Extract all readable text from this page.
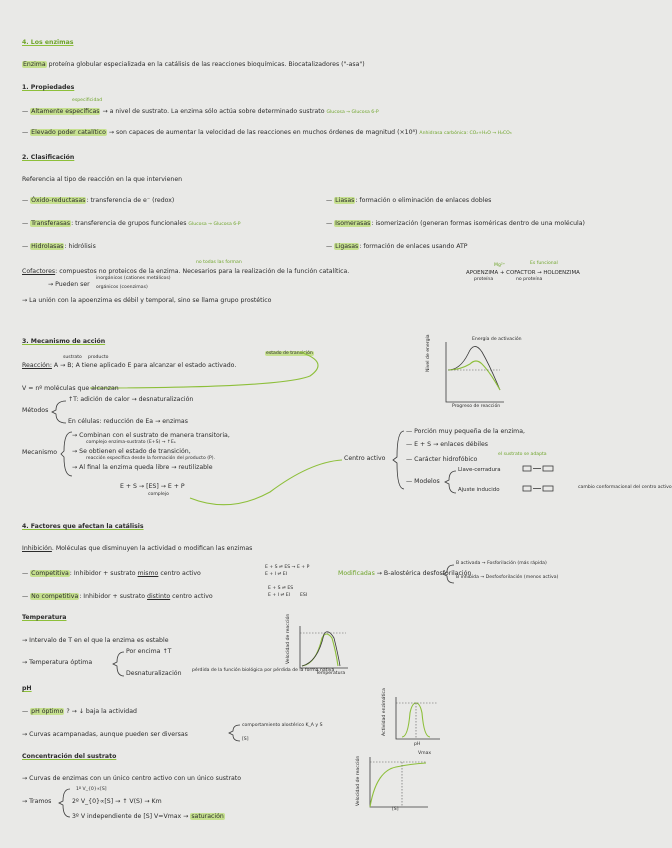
4. Los enzimas
Enzima proteína globular especializada en la catálisis de las reacciones bioquímicas. Biocatalizadores ("-asa")
1. Propiedades
especificidad
— Altamente específicas → a nivel de sustrato. La enzima sólo actúa sobre determinado sustrato Glucosa → Glucosa 6-P
— Elevado poder catalítico → son capaces de aumentar la velocidad de las reacciones en muchos órdenes de magnitud (×10⁸) Anhidrasa carbónica: CO₂+H₂O → H₂CO₃
2. Clasificación
Referencia al tipo de reacción en la que intervienen
— Óxido-reductasas: transferencia de e⁻ (redox)
— Transferasas: transferencia de grupos funcionales Glucosa → Glucosa 6-P
— Hidrolasas: hidrólisis
— Liasas: formación o eliminación de enlaces dobles
— Isomerasas: isomerización (generan formas isoméricas dentro de una molécula)
— Ligasas: formación de enlaces usando ATP
no todas las forman
Cofactores: compuestos no proteicos de la enzima. Necesarios para la realización de la función catalítica.
Es funcional
Mg²⁺
APOENZIMA + COFACTOR → HOLOENZIMA
proteína	no proteína
→ Pueden ser
inorgánicos (cationes metálicos)
orgánicos (coenzimas)
→ La unión con la apoenzima es débil y temporal, sino se llama grupo prostético
3. Mecanismo de acción
sustrato producto
Reacción: A → B; A tiene aplicado E para alcanzar el estado activado.
estado de transición
V = nº moléculas que alcanzan
Métodos
↑T: adición de calor → desnaturalización
En células: reducción de Ea → enzimas
Mecanismo
→ Combinan con el sustrato de manera transitoria,
complejo enzima-sustrato (E+S) → ↑Eₐ
→ Se obtienen el estado de transición,
reacción específica desde la formación del producto (P).
→ Al final la enzima queda libre → reutilizable
E + S → [ES] → E + P
complejo
Centro activo
— Porción muy pequeña de la enzima,
— E + S → enlaces débiles
— Carácter hidrofóbico
— Modelos
Llave-cerradura
Ajuste inducido
el sustrato se adapta
cambio conformacional del centro activo
Energía de activación
Progreso de reacción
Nivel de energía
4. Factores que afectan la catálisis
Inhibición. Moléculas que disminuyen la actividad o modifican las enzimas
— Competitiva: Inhibidor + sustrato mismo centro activo
E + S ⇌ ES → E + P
E + I ⇌ EI	Modificadas → B-alostérica desfosforilación
B activada → Fosforilación (más rápida)
B inhibida → Desfosforilación (menos activa)
— No competitiva: Inhibidor + sustrato distinto centro activo
E + S ⇌ ES
E + I ⇌ EI ESI
Temperatura
→ Intervalo de T en el que la enzima es estable
→ Temperatura óptima
Por encima ↑T
Desnaturalización pérdida de la función biológica por pérdida de la forma nativa
Temperatura
Velocidad de reacción
pH
— pH óptimo ? → ↓ baja la actividad
→ Curvas acampanadas, aunque pueden ser diversas
comportamiento alostérico K_A y S
[S]
pH
Actividad enzimática
Concentración del sustrato
→ Curvas de enzimas con un único centro activo con un único sustrato
→ Tramos
1º V_{0}∝[S]
2º V_{0}∝[S] → ↑ V(S) → Km
3º V independiente de [S] V=Vmax → saturación
Vmax
[S]
Velocidad de reacción
